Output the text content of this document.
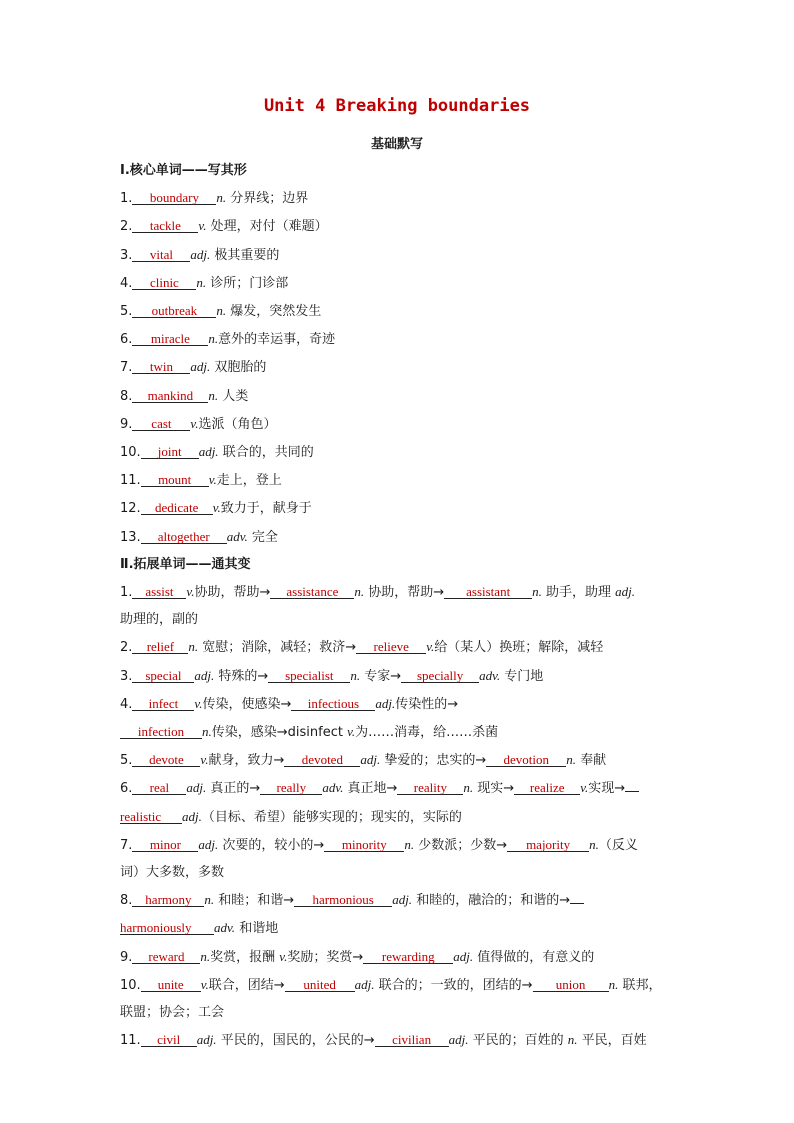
Unit 4 Breaking boundaries
基础默写
Ⅰ.核心单词——写其形
1. boundary n. 分界线；边界
2. tackle v. 处理，对付（难题）
3. vital adj. 极其重要的
4. clinic n. 诊所；门诊部
5. outbreak n. 爆发，突然发生
6. miracle n.意外的幸运事，奇迹
7. twin adj. 双胞胎的
8. mankind n. 人类
9. cast v.选派（角色）
10. joint adj. 联合的，共同的
11. mount v.走上，登上
12. dedicate v.致力于，献身于
13. altogether adv. 完全
Ⅱ.拓展单词——通其变
1. assist v.协助，帮助→ assistance n. 协助，帮助→ assistant n. 助手，助理 adj.
助理的，副的
2. relief n. 宽慰；消除，减轻；救济→ relieve v.给（某人）换班；解除，减轻
3. special adj. 特殊的→ specialist n. 专家→ specially adv. 专门地
4. infect v.传染，使感染→ infectious adj.传染性的→
infection n.传染，感染→disinfect v.为……消毒，给……杀菌
5. devote v.献身，致力→ devoted adj. 挚爱的；忠实的→ devotion n. 奉献
6. real adj. 真正的→ really adv. 真正地→ reality n. 现实→ realize v.实现→
realistic adj.（目标、希望）能够实现的；现实的，实际的
7. minor adj. 次要的，较小的→ minority n. 少数派；少数→ majority n.（反义
词）大多数，多数
8. harmony n. 和睦；和谐→ harmonious adj. 和睦的，融洽的；和谐的→
harmoniously adv. 和谐地
9. reward n.奖赏，报酬 v.奖励；奖赏→ rewarding adj. 值得做的，有意义的
10. unite v.联合，团结→ united adj. 联合的；一致的，团结的→ union n. 联邦，
联盟；协会；工会
11. civil adj. 平民的，国民的，公民的→ civilian adj. 平民的；百姓的 n. 平民，百姓
